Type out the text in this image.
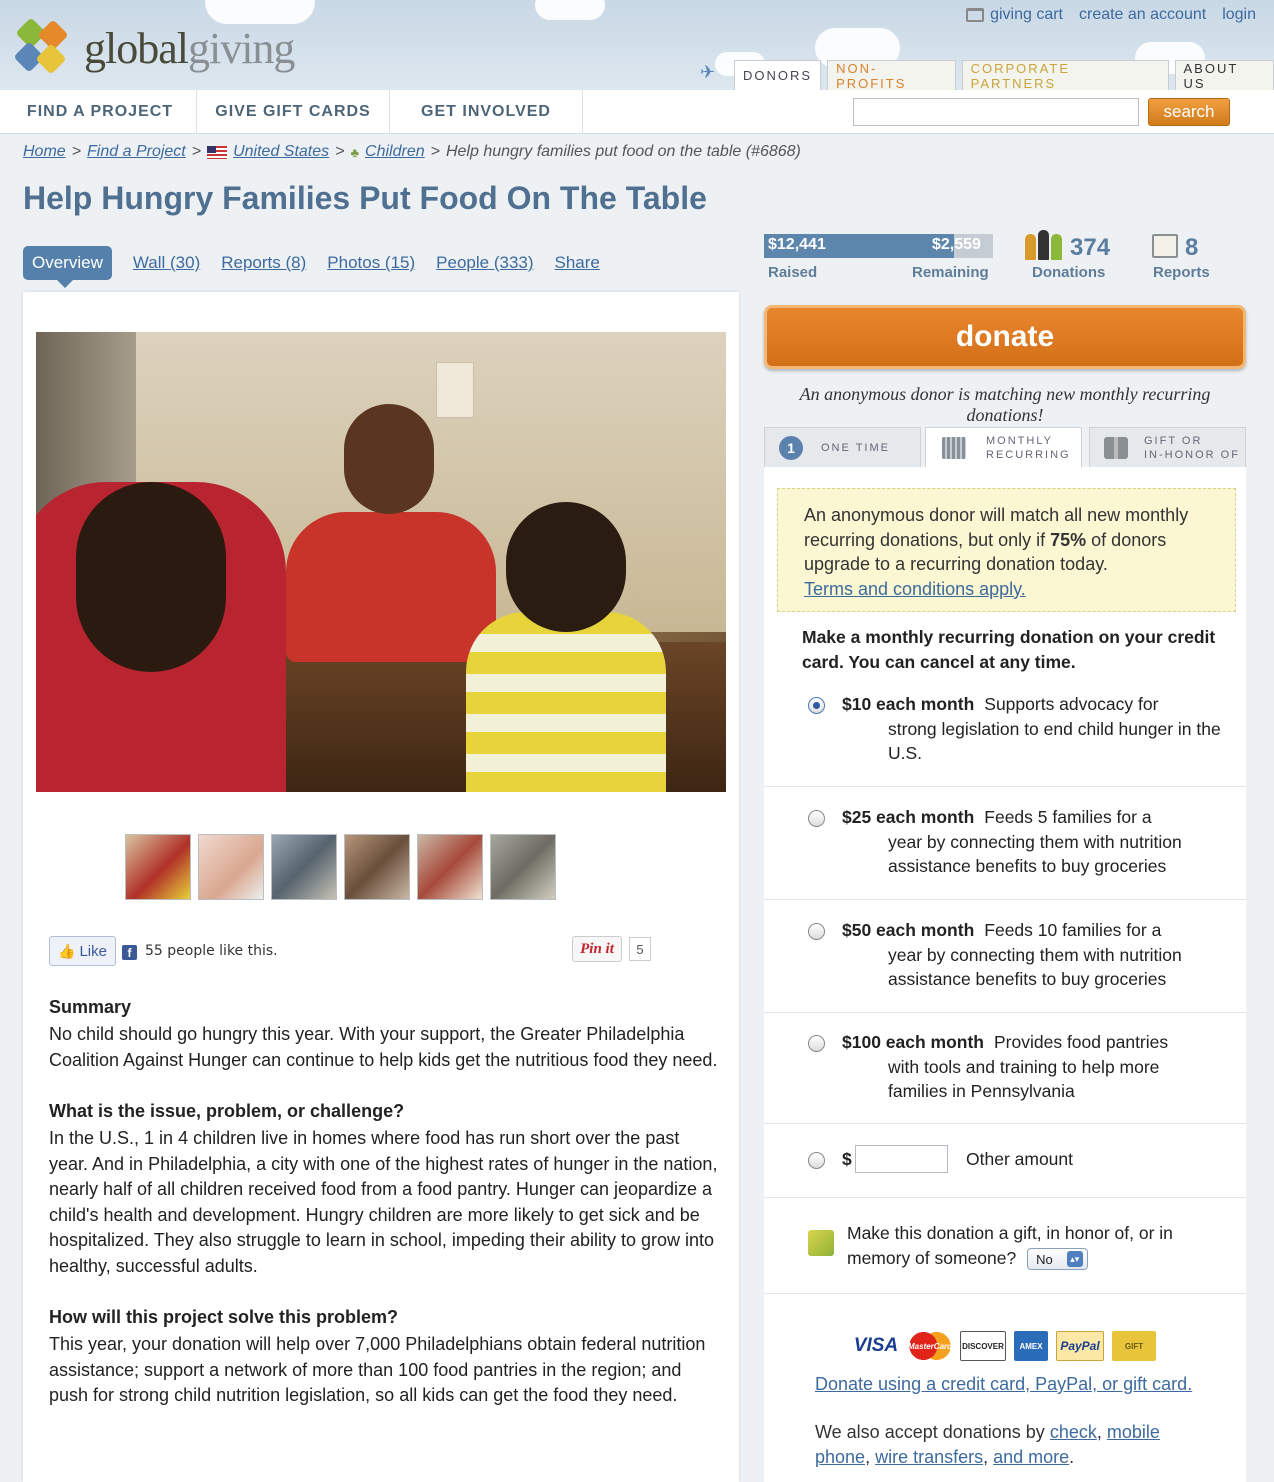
globalgiving
giving cart create an account login
✈	DONORS	NON-PROFITS
CORPORATE PARTNERS
ABOUT US
FIND A PROJECT	GIVE GIFT CARDS	GET INVOLVED	search
Home > Find a Project > United States > ♣ Children > Help hungry families put food on the table (#6868)
Help Hungry Families Put Food On The Table
Overview	Wall (30) Reports (8) Photos (15) People (333) Share
👍 Like	f 55 people like this.	Pin it	5
Summary

No child should go hungry this year. With your support, the Greater Philadelphia Coalition Against Hunger can continue to help kids get the nutritious food they need.

What is the issue, problem, or challenge?

In the U.S., 1 in 4 children live in homes where food has run short over the past year. And in Philadelphia, a city with one of the highest rates of hunger in the nation, nearly half of all children received food from a food pantry. Hunger can jeopardize a child's health and development. Hungry children are more likely to get sick and be hospitalized. They also struggle to learn in school, impeding their ability to grow into healthy, successful adults.

How will this project solve this problem?

This year, your donation will help over 7,000 Philadelphians obtain federal nutrition assistance; support a network of more than 100 food pantries in the region; and push for strong child nutrition legislation, so all kids can get the food they need.

$12,441	$2,559
Raised	Remaining
374
Donations
8
Reports
donate
An anonymous donor is matching new monthly recurring donations!
1	ONE TIME
MONTHLY
RECURRING
GIFT OR
IN-HONOR OF
An anonymous donor will match all new monthly recurring donations, but only if 75% of donors upgrade to a recurring donation today.
Terms and conditions apply.
Make a monthly recurring donation on your credit card. You can cancel at any time.
$10 each month Supports advocacy for
strong legislation to end child hunger in the U.S.
$25 each month Feeds 5 families for a
year by connecting them with nutrition assistance benefits to buy groceries
$50 each month Feeds 10 families for a
year by connecting them with nutrition assistance benefits to buy groceries
$100 each month Provides food pantries
with tools and training to help more families in Pennsylvania
$	Other amount
Make this donation a gift, in honor of, or in memory of someone? No	▴▾
VISA MasterCard DISCOVER	AMEX	PayPal	GIFT
Donate using a credit card, PayPal, or gift card.
We also accept donations by check, mobile phone, wire transfers, and more.
